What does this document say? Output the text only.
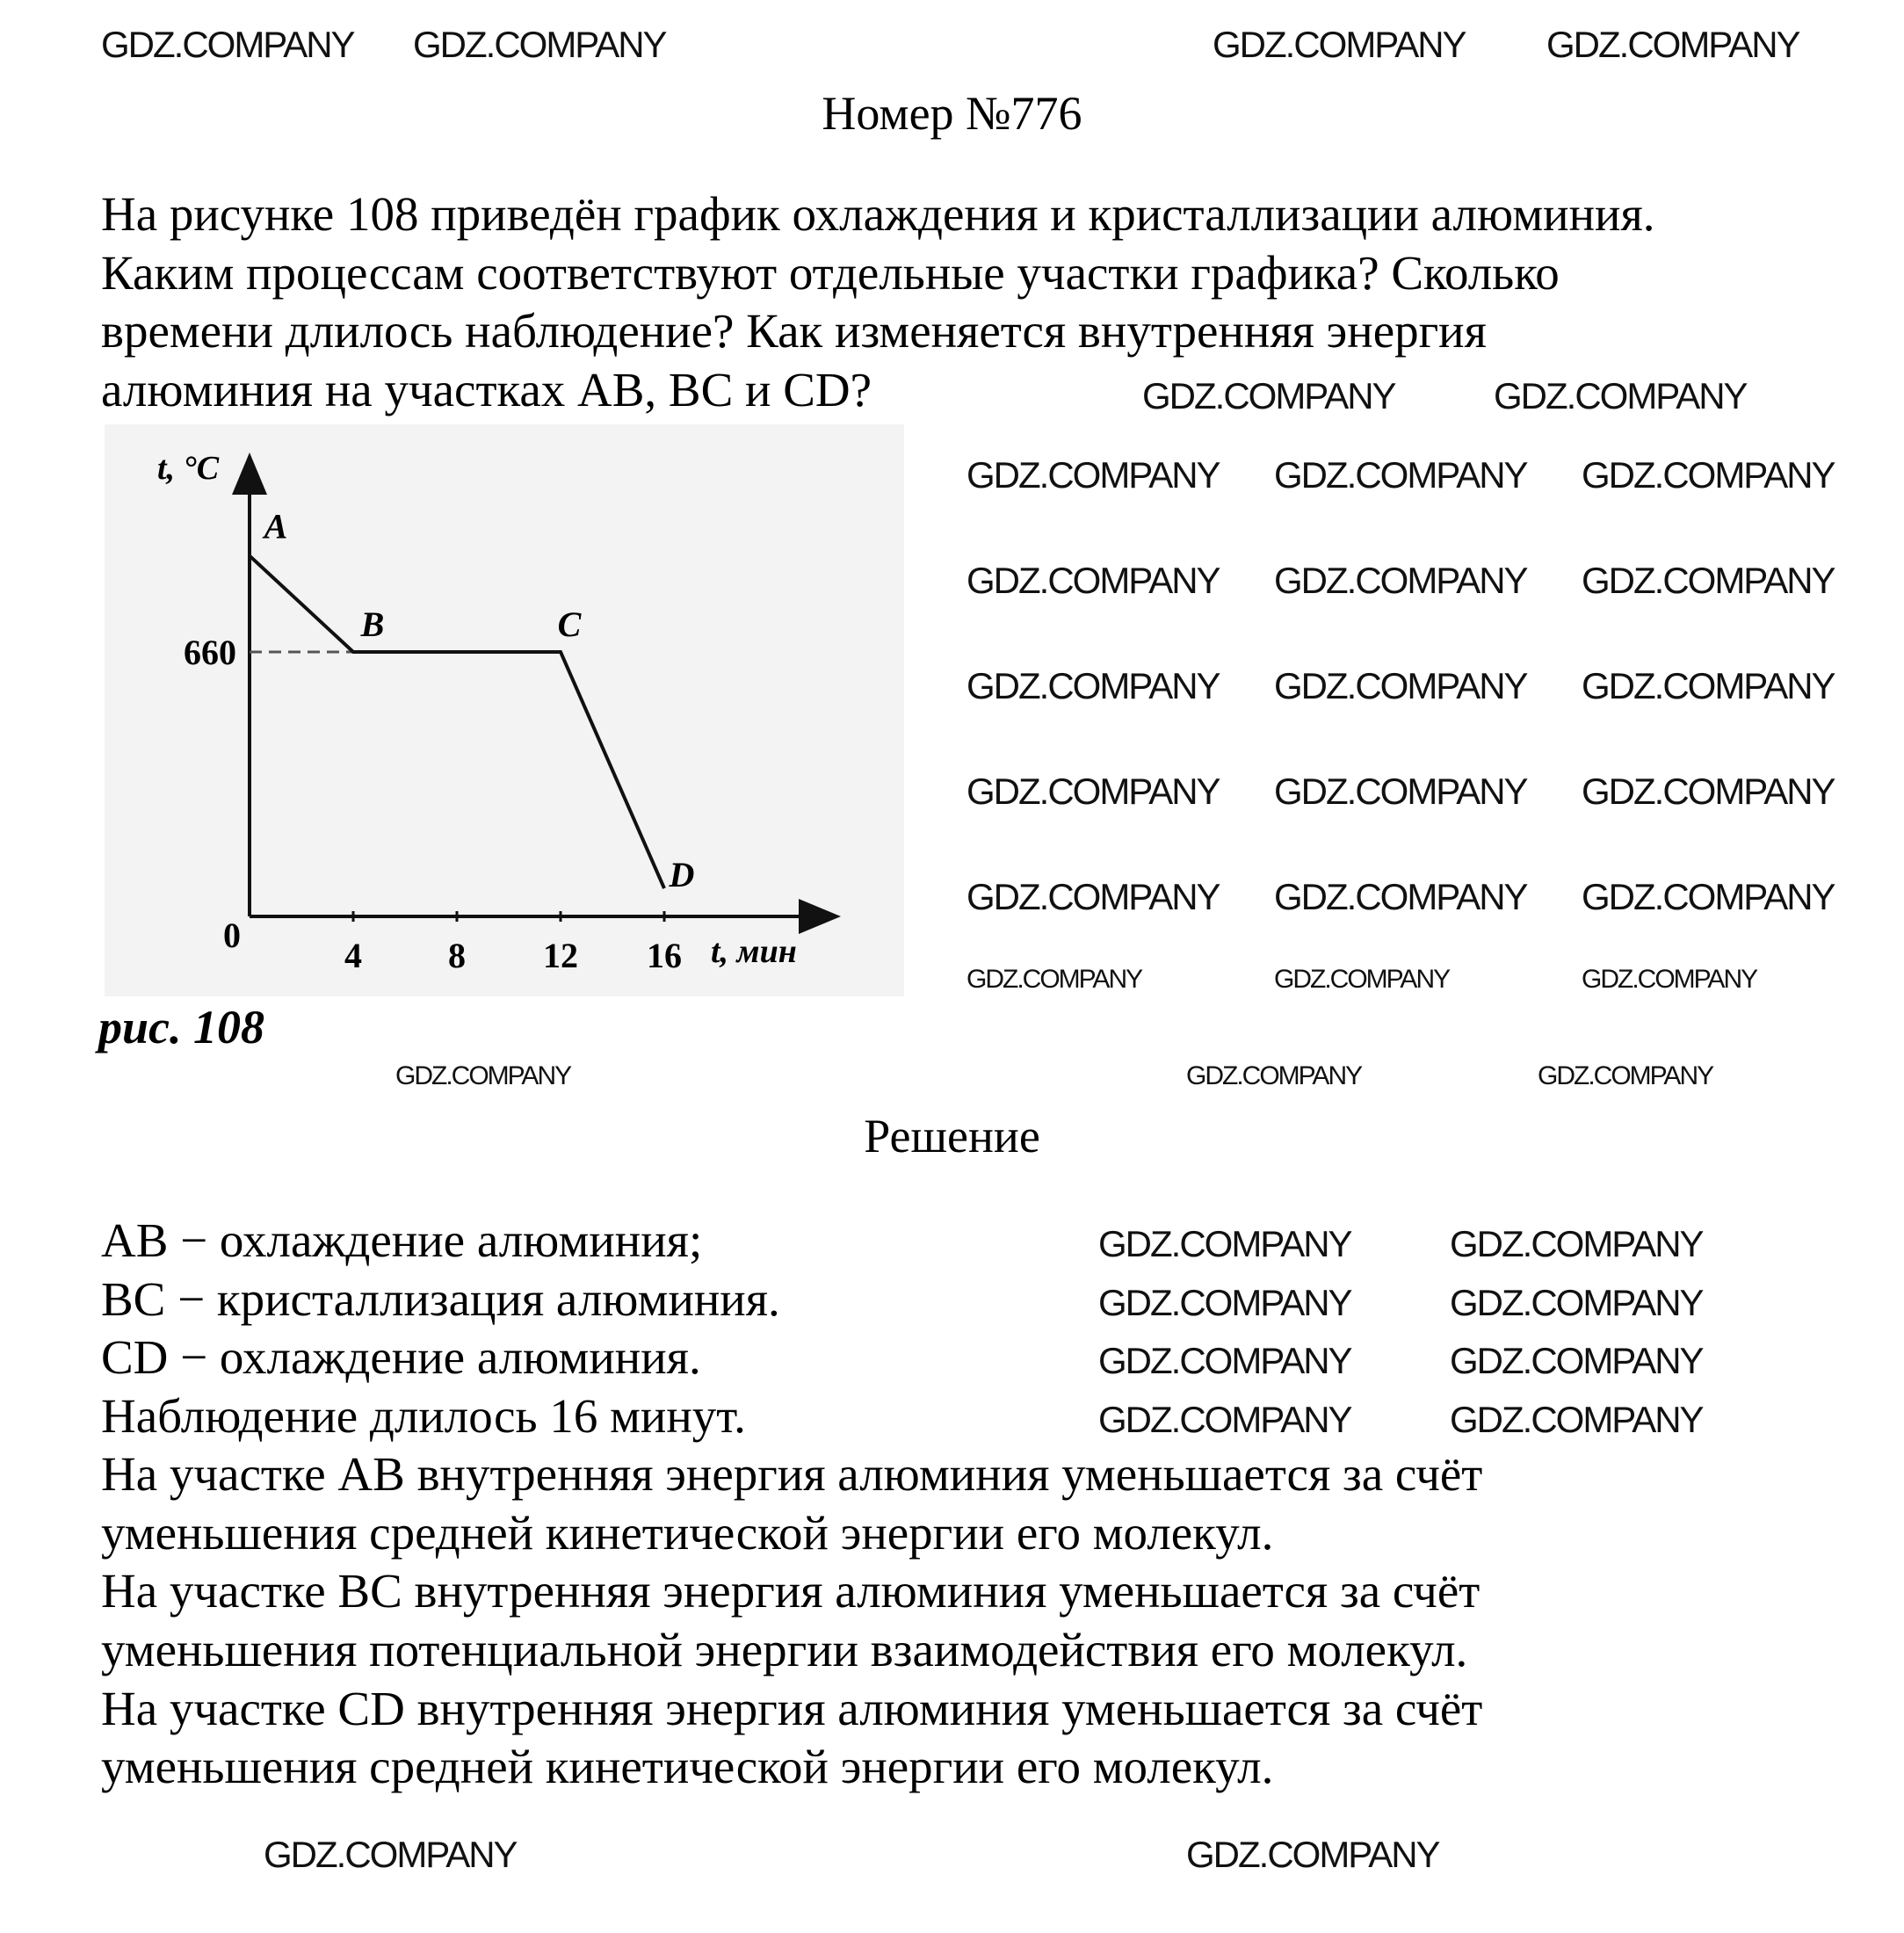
Номер №776
На рисунке 108 приведён график охлаждения и кристаллизации алюминия.
Каким процессам соответствуют отдельные участки графика? Сколько
времени длилось наблюдение? Как изменяется внутренняя энергия
алюминия на участках AB, BC и CD?
0
4 8 12 16
A
B	C
D
t, °C
t, мин
660
рис. 108
Решение
AB − охлаждение алюминия;
BC − кристаллизация алюминия.
CD − охлаждение алюминия.
Наблюдение длилось 16 минут.
На участке AB внутренняя энергия алюминия уменьшается за счёт
уменьшения средней кинетической энергии его молекул.
На участке BC внутренняя энергия алюминия уменьшается за счёт
уменьшения потенциальной энергии взаимодействия его молекул.
На участке CD внутренняя энергия алюминия уменьшается за счёт
уменьшения средней кинетической энергии его молекул.
GDZ.COMPANY GDZ.COMPANY	GDZ.COMPANY GDZ.COMPANY
GDZ.COMPANY	GDZ.COMPANY
GDZ.COMPANY GDZ.COMPANY GDZ.COMPANY
GDZ.COMPANY GDZ.COMPANY GDZ.COMPANY
GDZ.COMPANY GDZ.COMPANY GDZ.COMPANY
GDZ.COMPANY GDZ.COMPANY GDZ.COMPANY
GDZ.COMPANY GDZ.COMPANY GDZ.COMPANY
GDZ.COMPANY	GDZ.COMPANY	GDZ.COMPANY
GDZ.COMPANY	GDZ.COMPANY	GDZ.COMPANY
GDZ.COMPANY	GDZ.COMPANY
GDZ.COMPANY	GDZ.COMPANY
GDZ.COMPANY	GDZ.COMPANY
GDZ.COMPANY	GDZ.COMPANY
GDZ.COMPANY	GDZ.COMPANY
